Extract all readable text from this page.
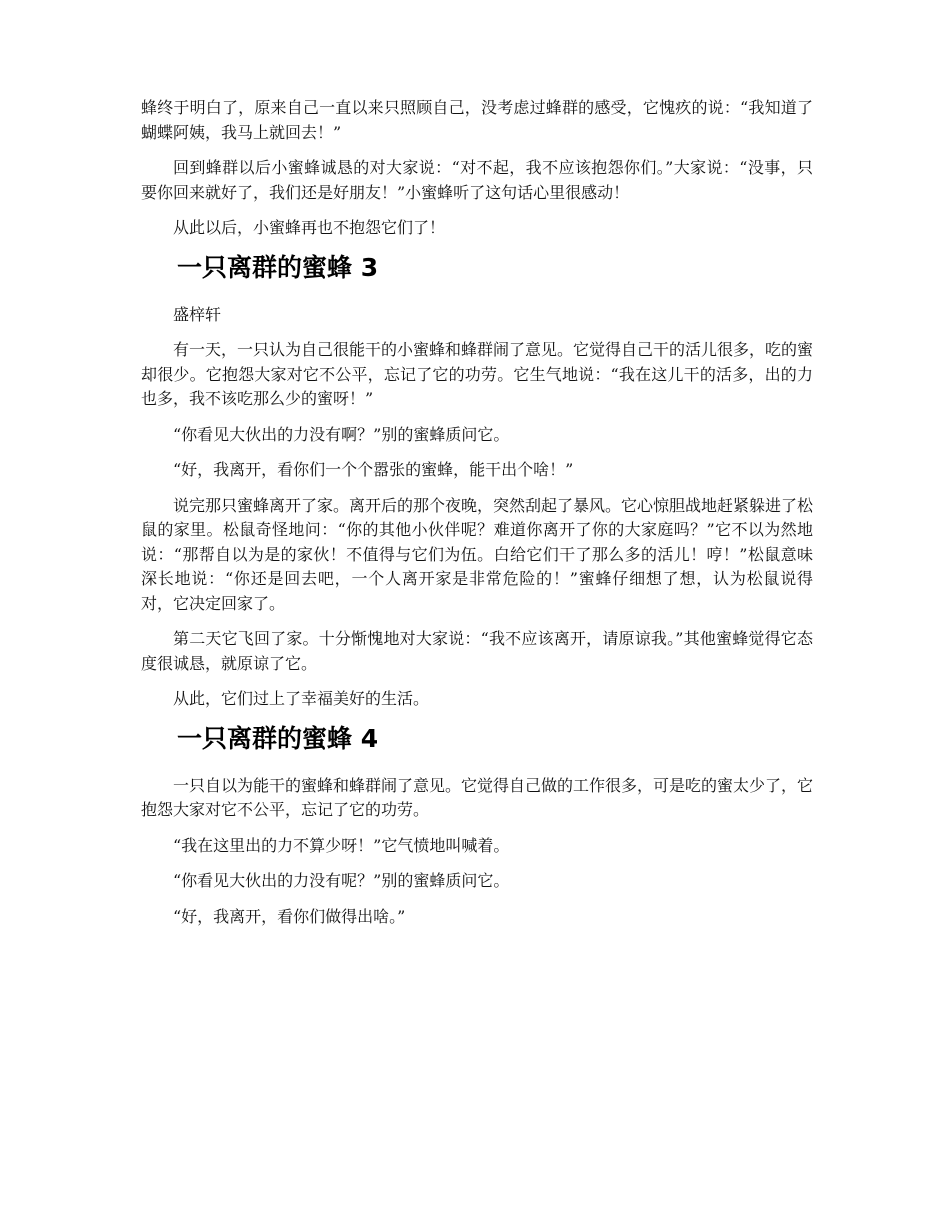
蜂终于明白了，原来自己一直以来只照顾自己，没考虑过蜂群的感受，它愧疚的说：“我知道了蝴蝶阿姨，我马上就回去！”

回到蜂群以后小蜜蜂诚恳的对大家说：“对不起，我不应该抱怨你们。”大家说：“没事，只要你回来就好了，我们还是好朋友！”小蜜蜂听了这句话心里很感动！

从此以后，小蜜蜂再也不抱怨它们了！

一只离群的蜜蜂 3

盛梓轩

有一天，一只认为自己很能干的小蜜蜂和蜂群闹了意见。它觉得自己干的活儿很多，吃的蜜却很少。它抱怨大家对它不公平，忘记了它的功劳。它生气地说：“我在这儿干的活多，出的力也多，我不该吃那么少的蜜呀！”

“你看见大伙出的力没有啊？”别的蜜蜂质问它。

“好，我离开，看你们一个个嚣张的蜜蜂，能干出个啥！”

说完那只蜜蜂离开了家。离开后的那个夜晚，突然刮起了暴风。它心惊胆战地赶紧躲进了松鼠的家里。松鼠奇怪地问：“你的其他小伙伴呢？难道你离开了你的大家庭吗？”它不以为然地说：“那帮自以为是的家伙！不值得与它们为伍。白给它们干了那么多的活儿！哼！”松鼠意味深长地说：“你还是回去吧，一个人离开家是非常危险的！”蜜蜂仔细想了想，认为松鼠说得对，它决定回家了。

第二天它飞回了家。十分惭愧地对大家说：“我不应该离开，请原谅我。”其他蜜蜂觉得它态度很诚恳，就原谅了它。

从此，它们过上了幸福美好的生活。

一只离群的蜜蜂 4

一只自以为能干的蜜蜂和蜂群闹了意见。它觉得自己做的工作很多，可是吃的蜜太少了，它抱怨大家对它不公平，忘记了它的功劳。

“我在这里出的力不算少呀！”它气愤地叫喊着。

“你看见大伙出的力没有呢？”别的蜜蜂质问它。

“好，我离开，看你们做得出啥。”
